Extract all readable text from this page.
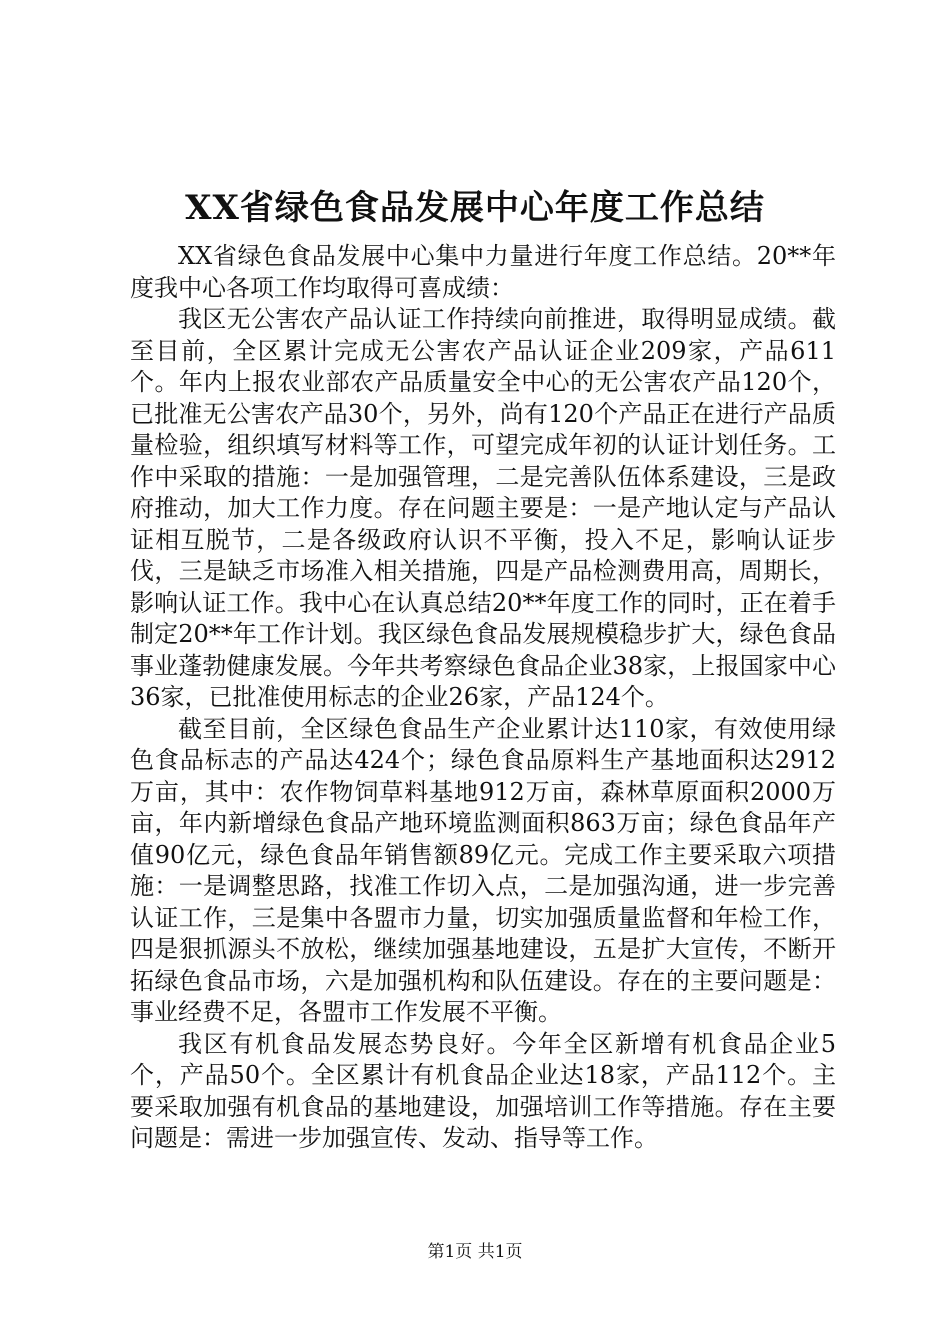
XX省绿色食品发展中心年度工作总结

XX省绿色食品发展中心集中力量进行年度工作总结。20**年度我中心各项工作均取得可喜成绩：

我区无公害农产品认证工作持续向前推进，取得明显成绩。截至目前，全区累计完成无公害农产品认证企业209家，产品611个。年内上报农业部农产品质量安全中心的无公害农产品120个，已批准无公害农产品30个，另外，尚有120个产品正在进行产品质量检验，组织填写材料等工作，可望完成年初的认证计划任务。工作中采取的措施：一是加强管理，二是完善队伍体系建设，三是政府推动，加大工作力度。存在问题主要是：一是产地认定与产品认证相互脱节，二是各级政府认识不平衡，投入不足，影响认证步伐，三是缺乏市场准入相关措施，四是产品检测费用高，周期长，影响认证工作。我中心在认真总结20**年度工作的同时，正在着手制定20**年工作计划。我区绿色食品发展规模稳步扩大，绿色食品事业蓬勃健康发展。今年共考察绿色食品企业38家，上报国家中心36家，已批准使用标志的企业26家，产品124个。

截至目前，全区绿色食品生产企业累计达110家，有效使用绿色食品标志的产品达424个；绿色食品原料生产基地面积达2912万亩，其中：农作物饲草料基地912万亩，森林草原面积2000万亩，年内新增绿色食品产地环境监测面积863万亩；绿色食品年产值90亿元，绿色食品年销售额89亿元。完成工作主要采取六项措施：一是调整思路，找准工作切入点，二是加强沟通，进一步完善认证工作，三是集中各盟市力量，切实加强质量监督和年检工作，四是狠抓源头不放松，继续加强基地建设，五是扩大宣传，不断开拓绿色食品市场，六是加强机构和队伍建设。存在的主要问题是：事业经费不足，各盟市工作发展不平衡。

我区有机食品发展态势良好。今年全区新增有机食品企业5个，产品50个。全区累计有机食品企业达18家，产品112个。主要采取加强有机食品的基地建设，加强培训工作等措施。存在主要问题是：需进一步加强宣传、发动、指导等工作。

第1页 共1页
